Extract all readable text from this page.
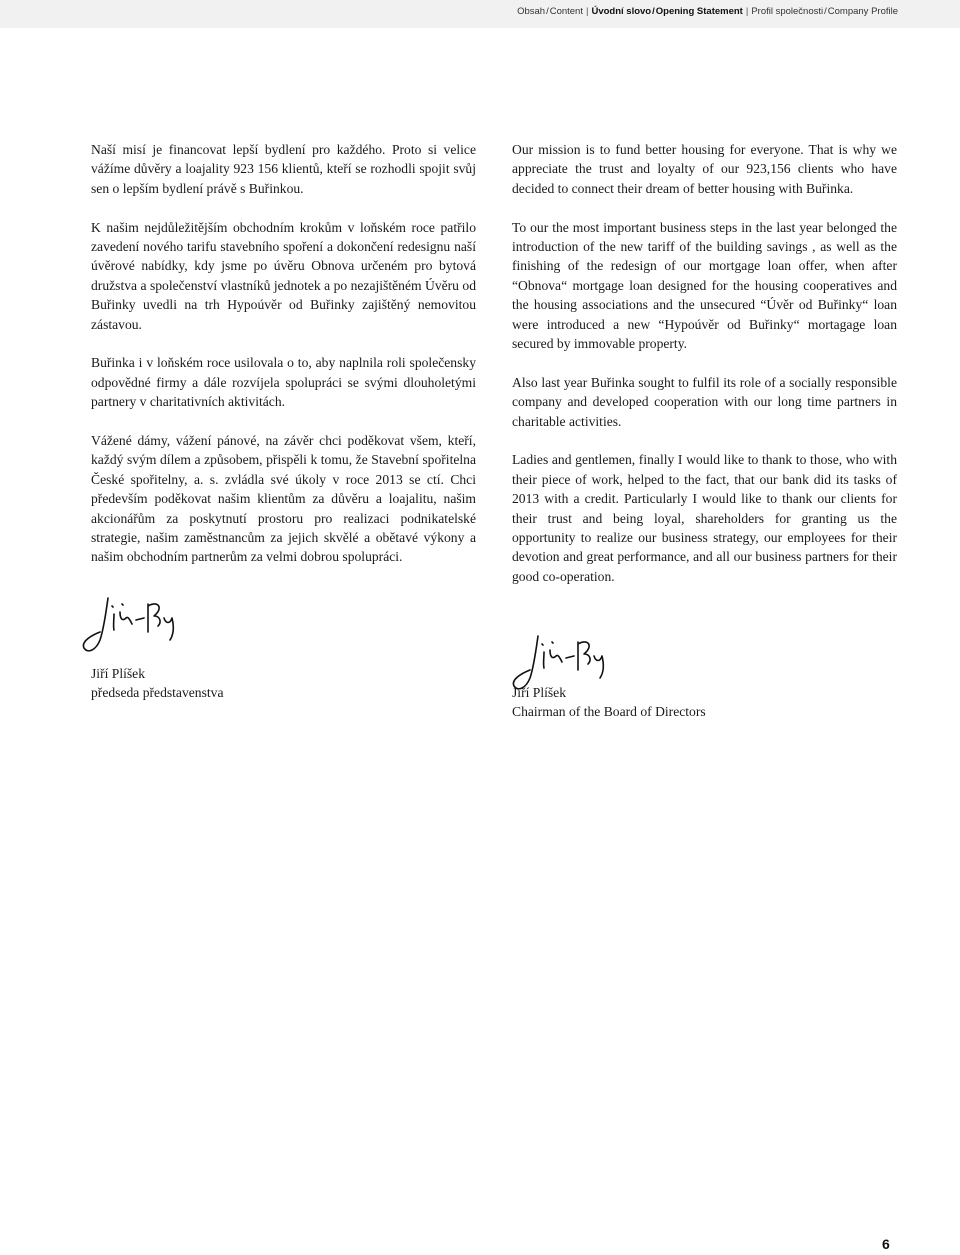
Obsah/Content | Úvodní slovo/Opening Statement | Profil společnosti/Company Profile

Naší misí je financovat lepší bydlení pro každého. Proto si velice vážíme důvěry a loajality 923 156 klientů, kteří se rozhodli spojit svůj sen o lepším bydlení právě s Buřinkou.

K našim nejdůležitějším obchodním krokům v loňském roce patřilo zavedení nového tarifu stavebního spoření a dokončení redesignu naší úvěrové nabídky, kdy jsme po úvěru Obnova určeném pro bytová družstva a společenství vlastníků jednotek a po nezajištěném Úvěru od Buřinky uvedli na trh Hypoúvěr od Buřinky zajištěný nemovitou zástavou.

Buřinka i v loňském roce usilovala o to, aby naplnila roli společensky odpovědné firmy a dále rozvíjela spolupráci se svými dlouholetými partnery v charitativních aktivitách.

Vážené dámy, vážení pánové, na závěr chci poděkovat všem, kteří, každý svým dílem a způsobem, přispěli k tomu, že Stavební spořitelna České spořitelny, a. s. zvládla své úkoly v roce 2013 se ctí. Chci především poděkovat našim klientům za důvěru a loajalitu, našim akcionářům za poskytnutí prostoru pro realizaci podnikatelské strategie, našim zaměstnancům za jejich skvělé a obětavé výkony a našim obchodním partnerům za velmi dobrou spolupráci.

Our mission is to fund better housing for everyone. That is why we appreciate the trust and loyalty of our 923,156 clients who have decided to connect their dream of better housing with Buřinka.

To our the most important business steps in the last year belonged the introduction of the new tariff of the building savings , as well as the finishing of the redesign of our mortgage loan offer, when after “Obnova“ mortgage loan designed for the housing cooperatives and the housing associations and the unsecured “Úvěr od Buřinky“ loan were introduced a new “Hypoúvěr od Buřinky“ mortagage loan secured by immovable property.

Also last year Buřinka sought to fulfil its role of a socially responsible company and developed cooperation with our long time partners in charitable activities.

Ladies and gentlemen, finally I would like to thank to those, who with their piece of work, helped to the fact, that our bank did its tasks of 2013 with a credit. Particularly I would like to thank our clients for their trust and being loyal, shareholders for granting us the opportunity to realize our business strategy, our employees for their devotion and great performance, and all our business partners for their good co-operation.

Jiří Plíšek
předseda představenstva	Jiří Plíšek
Chairman of the Board of Directors
6
